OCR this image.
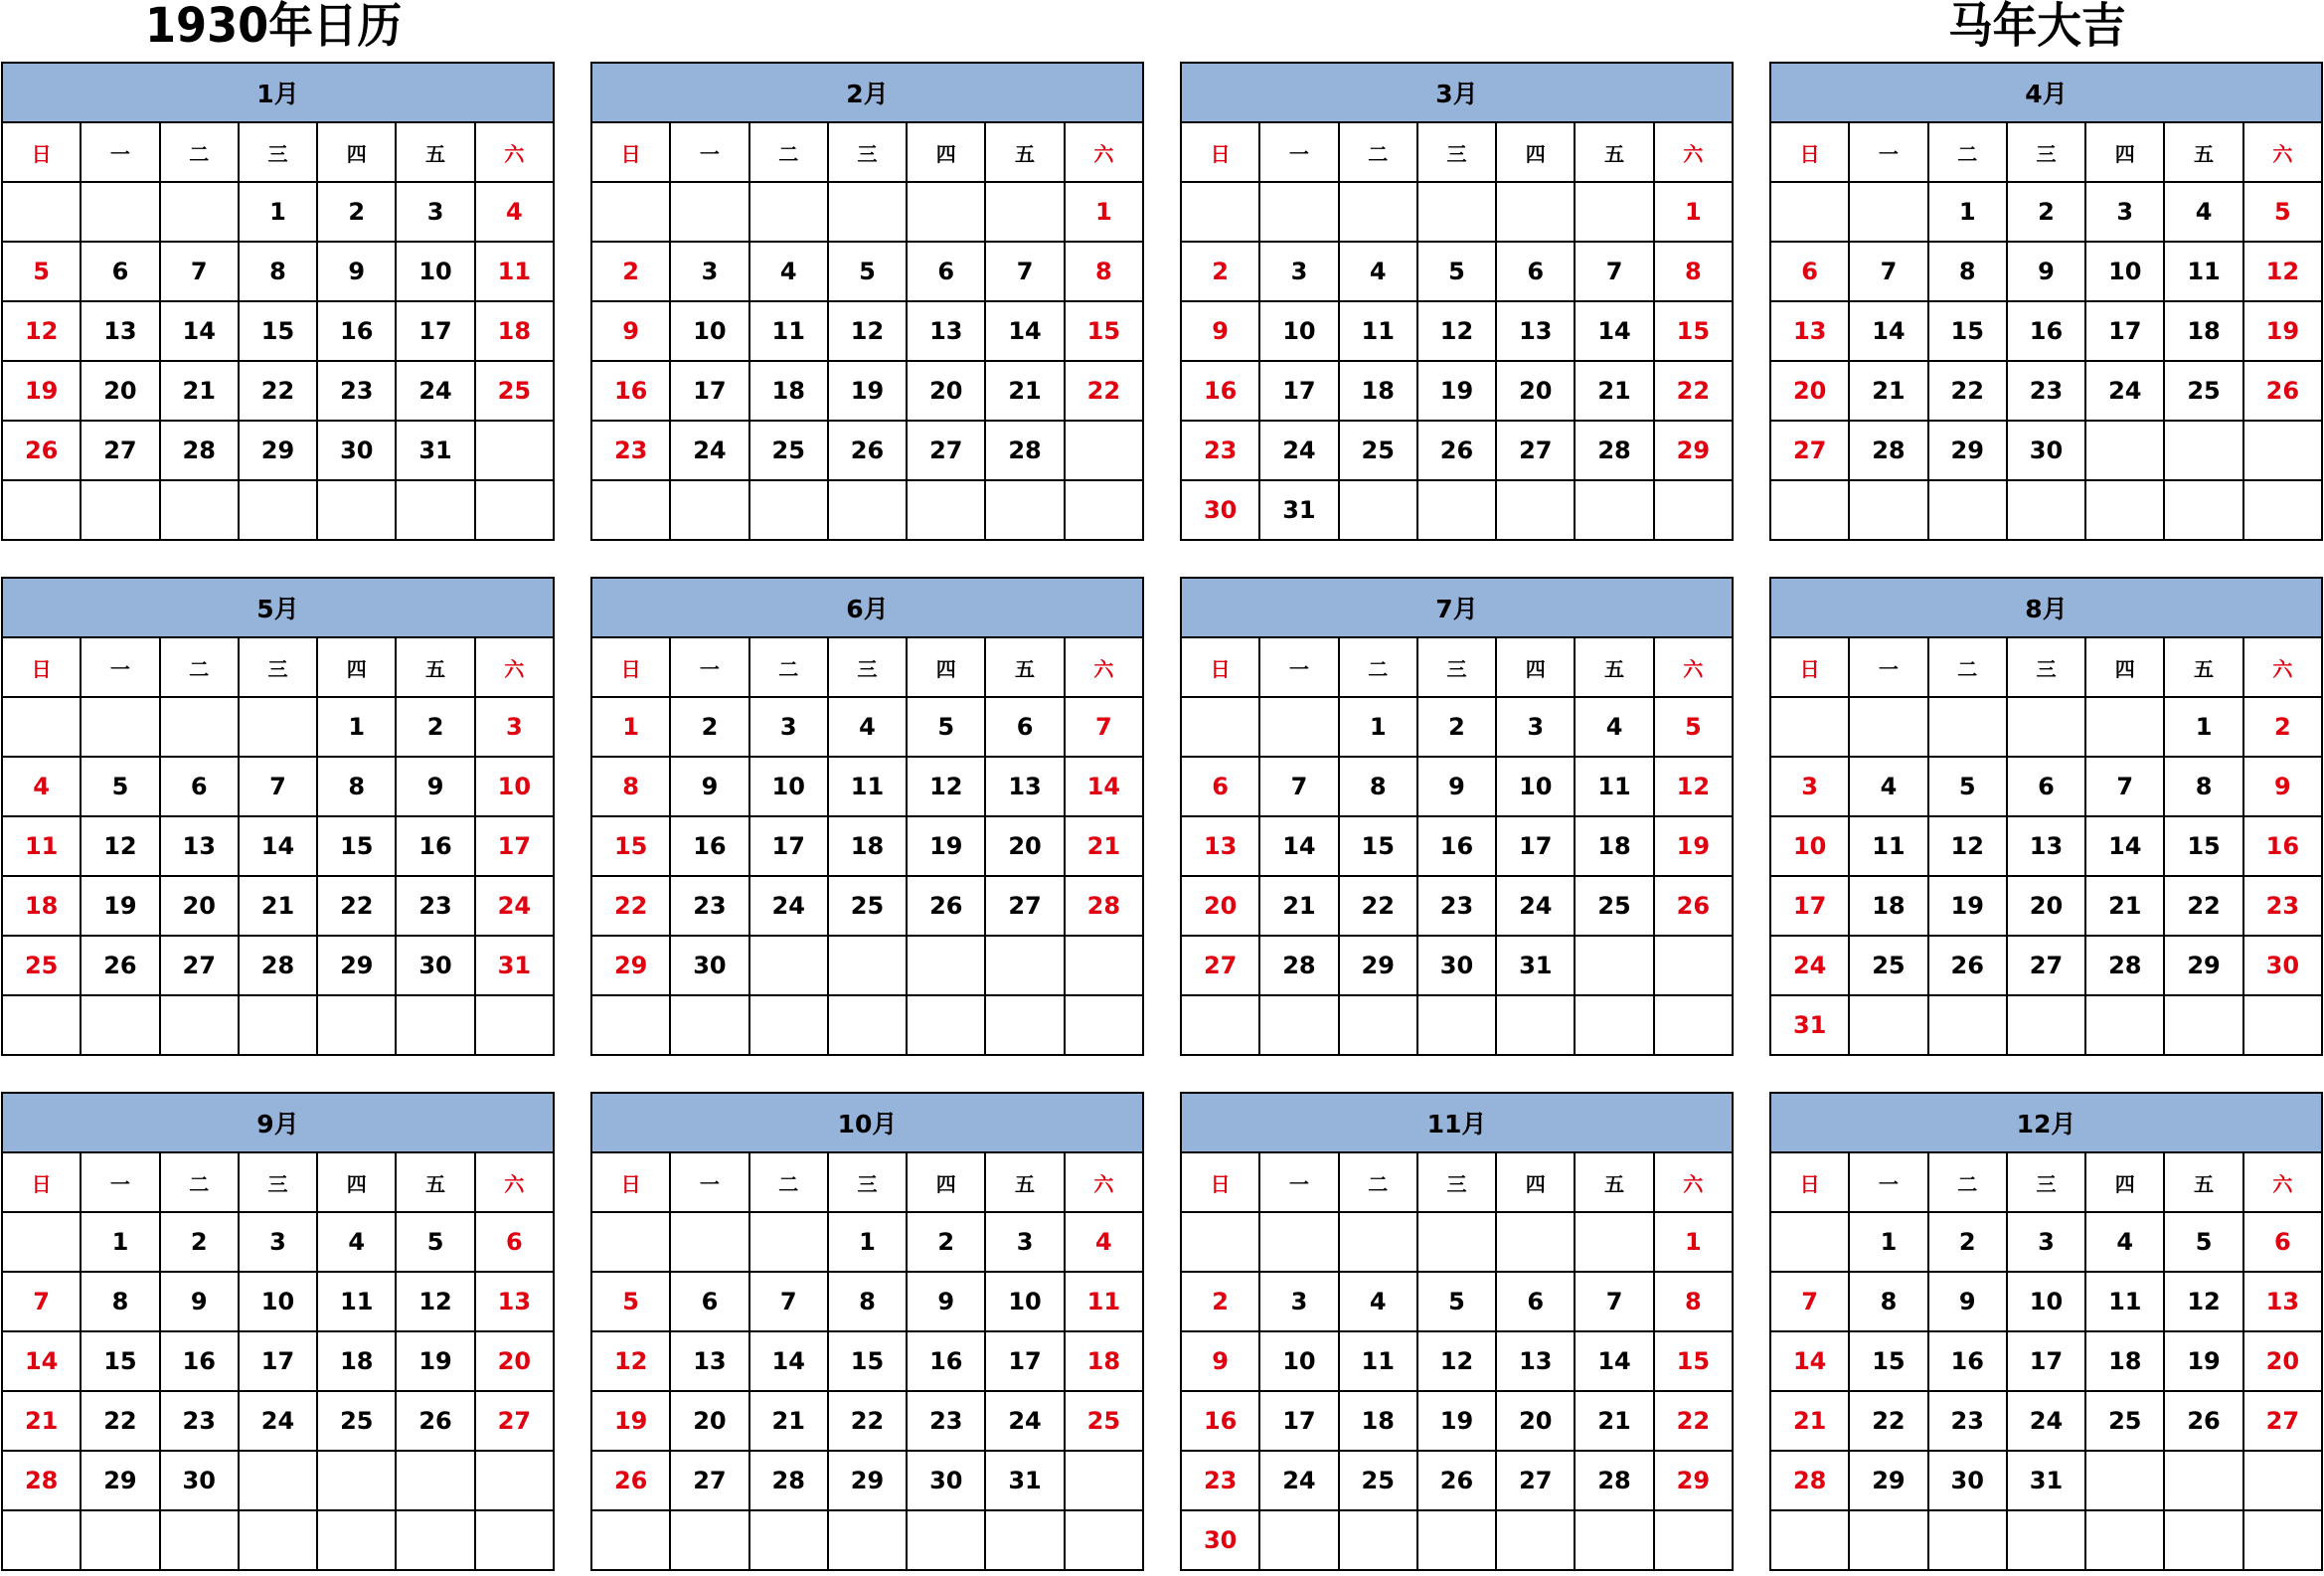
1930年日历	马年大吉
1月						
日	一	二	三	四	五	六
			1	2	3	4
5	6	7	8	9	10	11
12	13	14	15	16	17	18
19	20	21	22	23	24	25
26	27	28	29	30	31	

2月						
日	一	二	三	四	五	六
						1
2	3	4	5	6	7	8
9	10	11	12	13	14	15
16	17	18	19	20	21	22
23	24	25	26	27	28	

3月						
日	一	二	三	四	五	六
						1
2	3	4	5	6	7	8
9	10	11	12	13	14	15
16	17	18	19	20	21	22
23	24	25	26	27	28	29
30	31					
4月						
日	一	二	三	四	五	六
		1	2	3	4	5
6	7	8	9	10	11	12
13	14	15	16	17	18	19
20	21	22	23	24	25	26
27	28	29	30			

5月						
日	一	二	三	四	五	六
				1	2	3
4	5	6	7	8	9	10
11	12	13	14	15	16	17
18	19	20	21	22	23	24
25	26	27	28	29	30	31

6月						
日	一	二	三	四	五	六
1	2	3	4	5	6	7
8	9	10	11	12	13	14
15	16	17	18	19	20	21
22	23	24	25	26	27	28
29	30					

7月						
日	一	二	三	四	五	六
		1	2	3	4	5
6	7	8	9	10	11	12
13	14	15	16	17	18	19
20	21	22	23	24	25	26
27	28	29	30	31		

8月						
日	一	二	三	四	五	六
					1	2
3	4	5	6	7	8	9
10	11	12	13	14	15	16
17	18	19	20	21	22	23
24	25	26	27	28	29	30
31						
9月						
日	一	二	三	四	五	六
	1	2	3	4	5	6
7	8	9	10	11	12	13
14	15	16	17	18	19	20
21	22	23	24	25	26	27
28	29	30				

10月						
日	一	二	三	四	五	六
			1	2	3	4
5	6	7	8	9	10	11
12	13	14	15	16	17	18
19	20	21	22	23	24	25
26	27	28	29	30	31	

11月						
日	一	二	三	四	五	六
						1
2	3	4	5	6	7	8
9	10	11	12	13	14	15
16	17	18	19	20	21	22
23	24	25	26	27	28	29
30						
12月						
日	一	二	三	四	五	六
	1	2	3	4	5	6
7	8	9	10	11	12	13
14	15	16	17	18	19	20
21	22	23	24	25	26	27
28	29	30	31			
